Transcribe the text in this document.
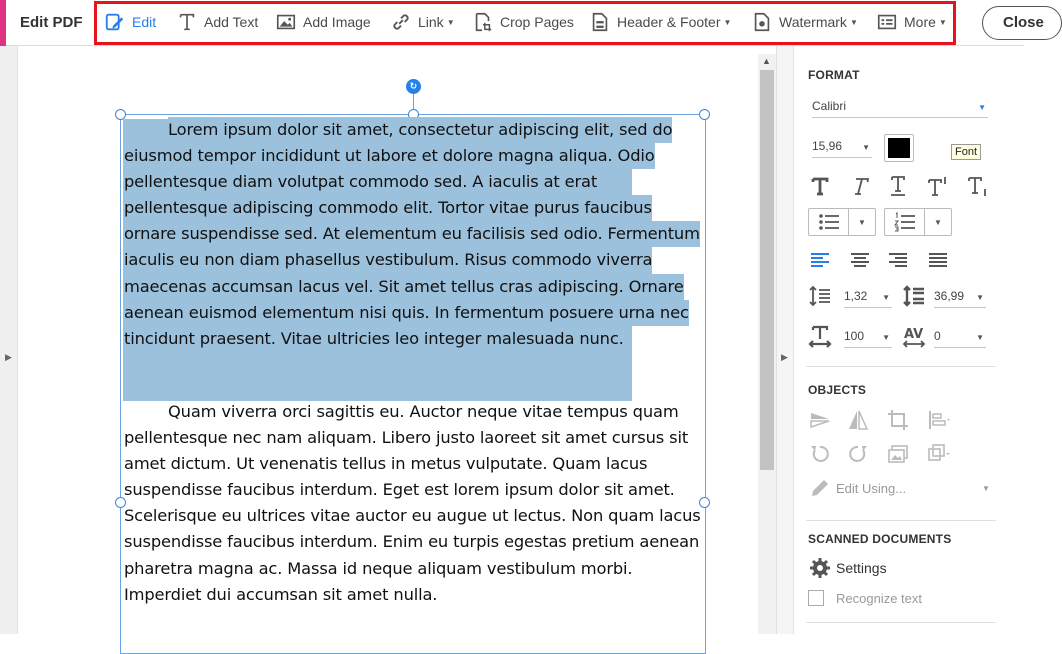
Edit PDF	Edit	Add Text	Add Image	Link ▼	Crop Pages	Header & Footer ▼	Watermark ▼	More ▼	Close
▶
↻
Lorem ipsum dolor sit amet, consectetur adipiscing elit, sed do
eiusmod tempor incididunt ut labore et dolore magna aliqua. Odio
pellentesque diam volutpat commodo sed. A iaculis at erat
pellentesque adipiscing commodo elit. Tortor vitae purus faucibus
ornare suspendisse sed. At elementum eu facilisis sed odio. Fermentum
iaculis eu non diam phasellus vestibulum. Risus commodo viverra
maecenas accumsan lacus vel. Sit amet tellus cras adipiscing. Ornare
aenean euismod elementum nisi quis. In fermentum posuere urna nec
tincidunt praesent. Vitae ultricies leo integer malesuada nunc.
Quam viverra orci sagittis eu. Auctor neque vitae tempus quam
pellentesque nec nam aliquam. Libero justo laoreet sit amet cursus sit
amet dictum. Ut venenatis tellus in metus vulputate. Quam lacus
suspendisse faucibus interdum. Eget est lorem ipsum dolor sit amet.
Scelerisque eu ultrices vitae auctor eu augue ut lectus. Non quam lacus
suspendisse faucibus interdum. Enim eu turpis egestas pretium aenean
pharetra magna ac. Massa id neque aliquam vestibulum morbi.
Imperdiet dui accumsan sit amet nulla.
▲
▶
FORMAT
Calibri	▼
15,96	▼	Font
▼	▼
1,32 ▼	36,99 ▼
100 ▼ AV 0	▼
OBJECTS
Edit Using...	▼
SCANNED DOCUMENTS
Settings
Recognize text
